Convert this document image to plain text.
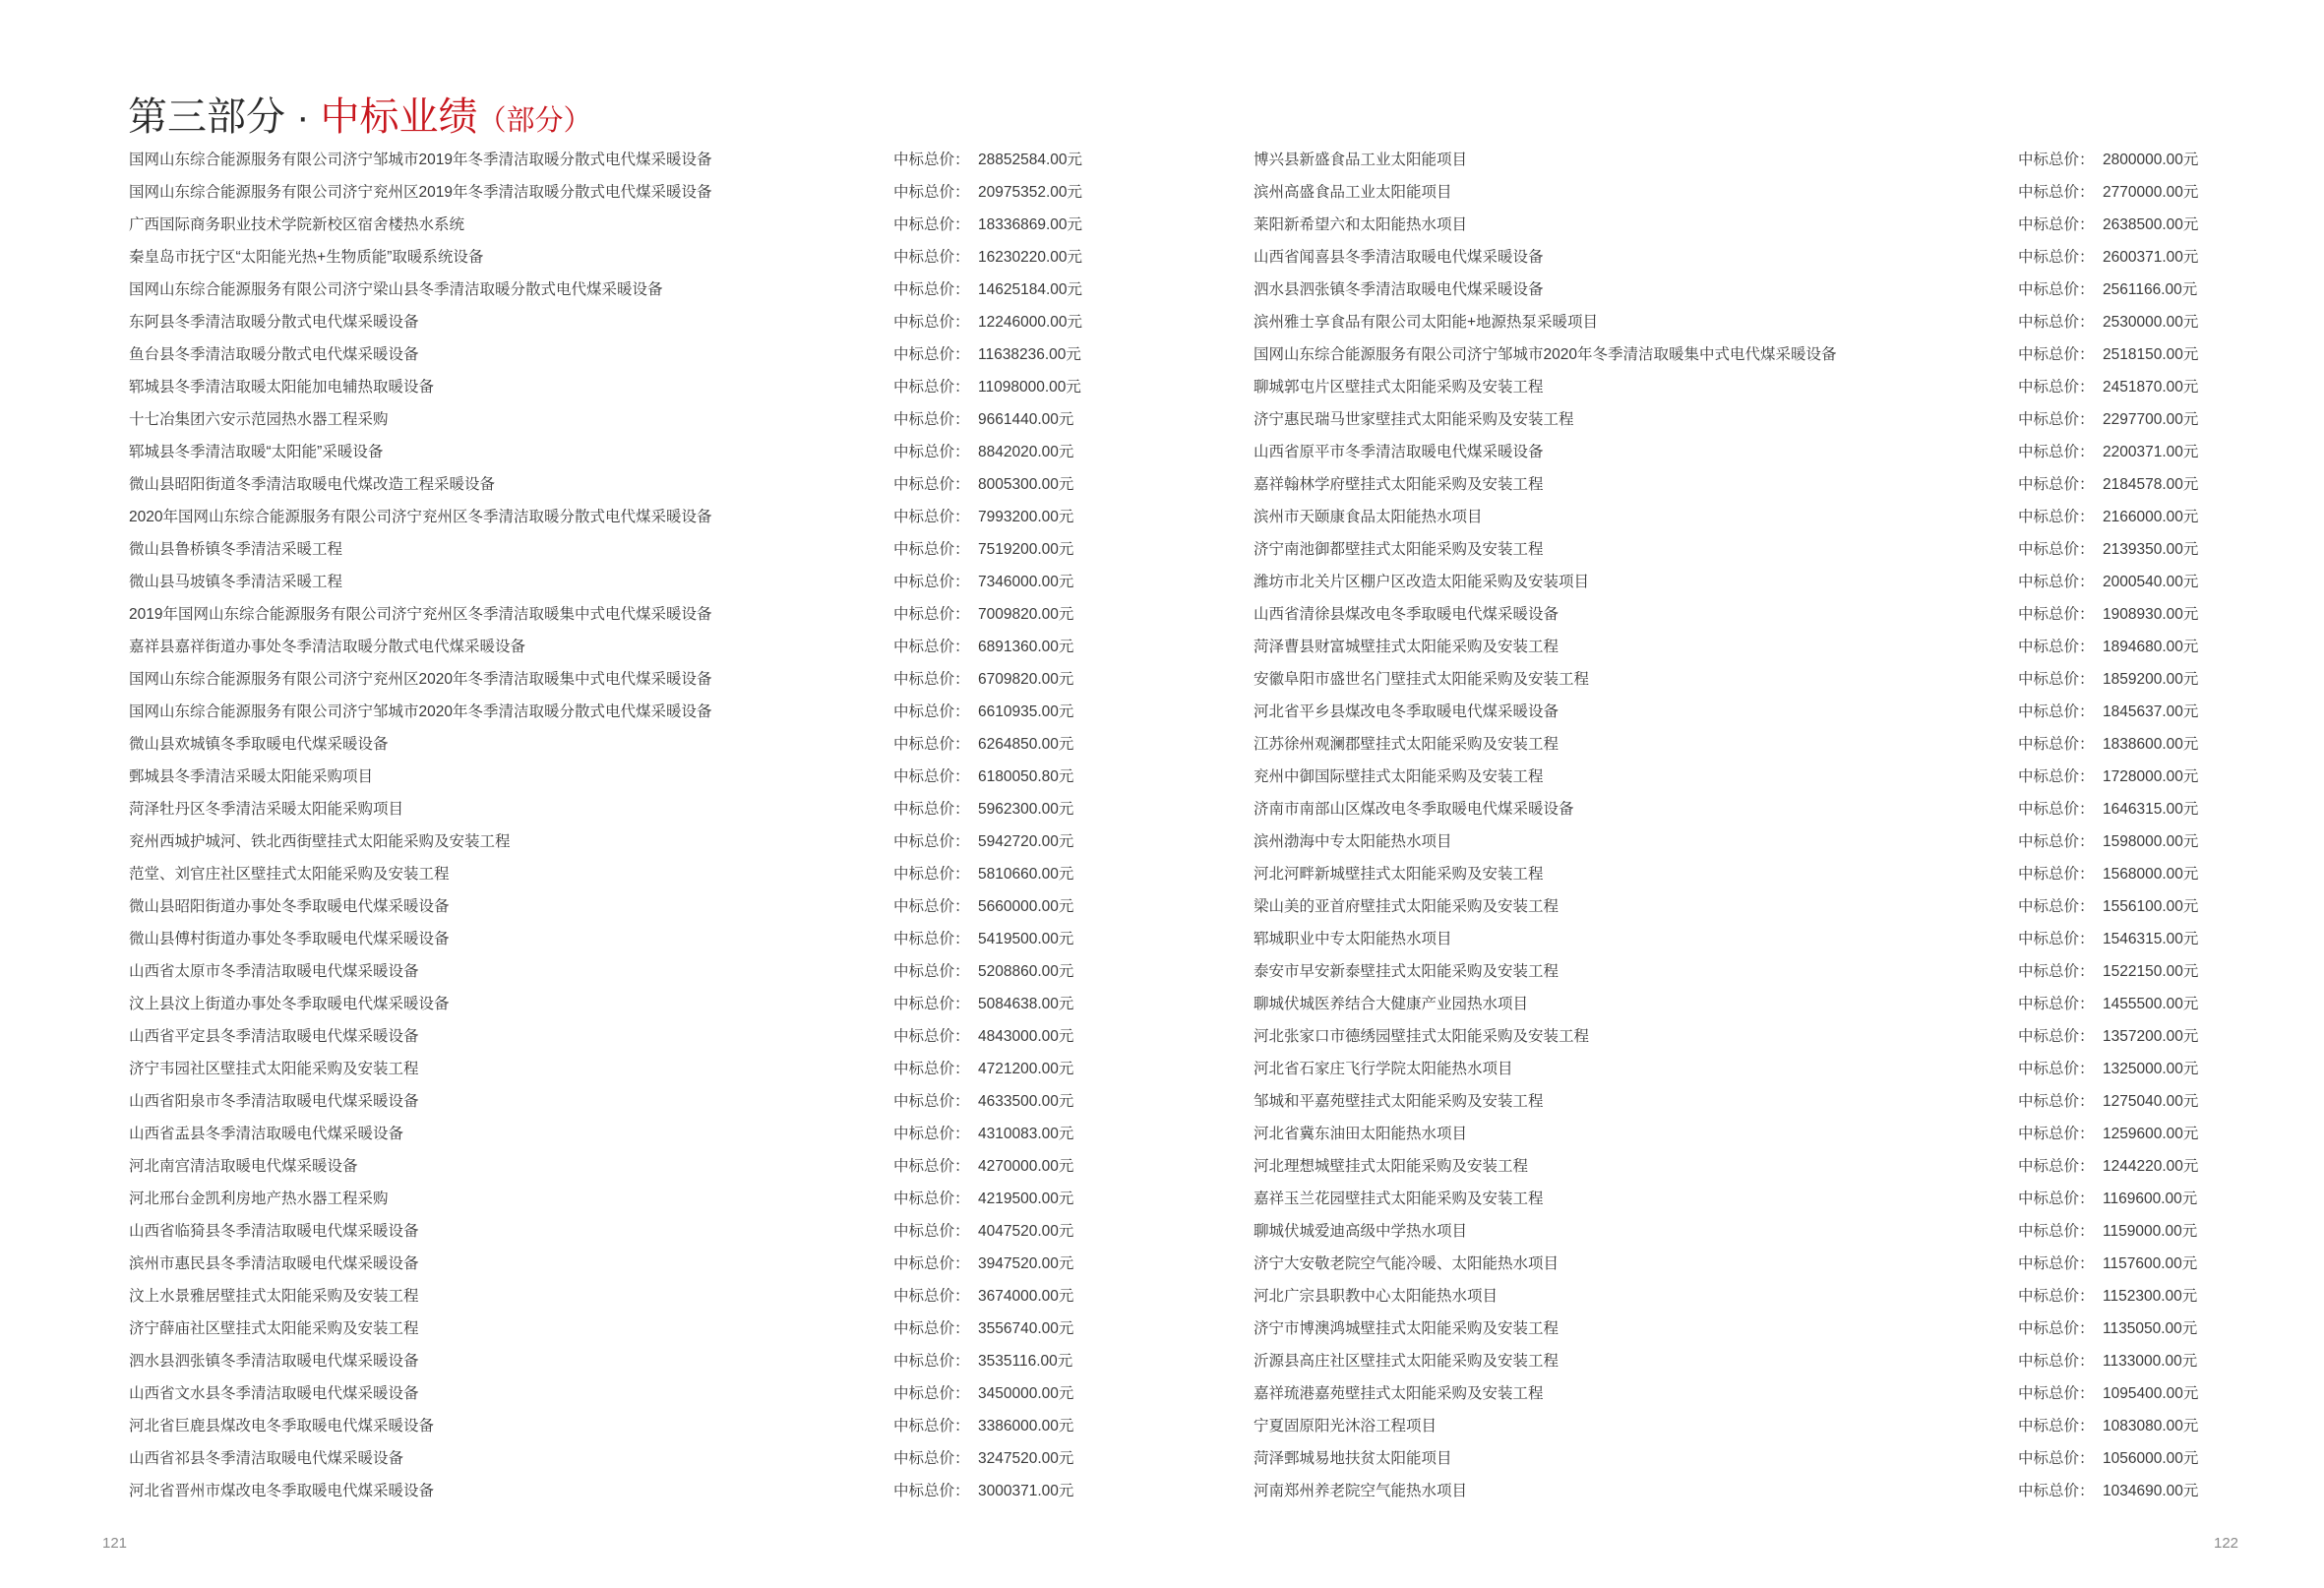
第三部分 · 中标业绩（部分）
国网山东综合能源服务有限公司济宁邹城市2019年冬季清洁取暖分散式电代煤采暖设备	中标总价： 28852584.00元
国网山东综合能源服务有限公司济宁兖州区2019年冬季清洁取暖分散式电代煤采暖设备	中标总价： 20975352.00元
广西国际商务职业技术学院新校区宿舍楼热水系统	中标总价： 18336869.00元
秦皇岛市抚宁区“太阳能光热+生物质能”取暖系统设备	中标总价： 16230220.00元
国网山东综合能源服务有限公司济宁梁山县冬季清洁取暖分散式电代煤采暖设备	中标总价： 14625184.00元
东阿县冬季清洁取暖分散式电代煤采暖设备	中标总价： 12246000.00元
鱼台县冬季清洁取暖分散式电代煤采暖设备	中标总价： 11638236.00元
郓城县冬季清洁取暖太阳能加电辅热取暖设备	中标总价： 11098000.00元
十七冶集团六安示范园热水器工程采购	中标总价： 9661440.00元
郓城县冬季清洁取暖“太阳能”采暖设备	中标总价： 8842020.00元
微山县昭阳街道冬季清洁取暖电代煤改造工程采暖设备	中标总价： 8005300.00元
2020年国网山东综合能源服务有限公司济宁兖州区冬季清洁取暖分散式电代煤采暖设备	中标总价： 7993200.00元
微山县鲁桥镇冬季清洁采暖工程	中标总价： 7519200.00元
微山县马坡镇冬季清洁采暖工程	中标总价： 7346000.00元
2019年国网山东综合能源服务有限公司济宁兖州区冬季清洁取暖集中式电代煤采暖设备	中标总价： 7009820.00元
嘉祥县嘉祥街道办事处冬季清洁取暖分散式电代煤采暖设备	中标总价： 6891360.00元
国网山东综合能源服务有限公司济宁兖州区2020年冬季清洁取暖集中式电代煤采暖设备	中标总价： 6709820.00元
国网山东综合能源服务有限公司济宁邹城市2020年冬季清洁取暖分散式电代煤采暖设备	中标总价： 6610935.00元
微山县欢城镇冬季取暖电代煤采暖设备	中标总价： 6264850.00元
鄄城县冬季清洁采暖太阳能采购项目	中标总价： 6180050.80元
菏泽牡丹区冬季清洁采暖太阳能采购项目	中标总价： 5962300.00元
兖州西城护城河、铁北西街壁挂式太阳能采购及安装工程	中标总价： 5942720.00元
范堂、刘官庄社区壁挂式太阳能采购及安装工程	中标总价： 5810660.00元
微山县昭阳街道办事处冬季取暖电代煤采暖设备	中标总价： 5660000.00元
微山县傅村街道办事处冬季取暖电代煤采暖设备	中标总价： 5419500.00元
山西省太原市冬季清洁取暖电代煤采暖设备	中标总价： 5208860.00元
汶上县汶上街道办事处冬季取暖电代煤采暖设备	中标总价： 5084638.00元
山西省平定县冬季清洁取暖电代煤采暖设备	中标总价： 4843000.00元
济宁韦园社区壁挂式太阳能采购及安装工程	中标总价： 4721200.00元
山西省阳泉市冬季清洁取暖电代煤采暖设备	中标总价： 4633500.00元
山西省盂县冬季清洁取暖电代煤采暖设备	中标总价： 4310083.00元
河北南宫清洁取暖电代煤采暖设备	中标总价： 4270000.00元
河北邢台金凯利房地产热水器工程采购	中标总价： 4219500.00元
山西省临猗县冬季清洁取暖电代煤采暖设备	中标总价： 4047520.00元
滨州市惠民县冬季清洁取暖电代煤采暖设备	中标总价： 3947520.00元
汶上水景雅居壁挂式太阳能采购及安装工程	中标总价： 3674000.00元
济宁薛庙社区壁挂式太阳能采购及安装工程	中标总价： 3556740.00元
泗水县泗张镇冬季清洁取暖电代煤采暖设备	中标总价： 3535116.00元
山西省文水县冬季清洁取暖电代煤采暖设备	中标总价： 3450000.00元
河北省巨鹿县煤改电冬季取暖电代煤采暖设备	中标总价： 3386000.00元
山西省祁县冬季清洁取暖电代煤采暖设备	中标总价： 3247520.00元
河北省晋州市煤改电冬季取暖电代煤采暖设备	中标总价： 3000371.00元
博兴县新盛食品工业太阳能项目	中标总价： 2800000.00元
滨州高盛食品工业太阳能项目	中标总价： 2770000.00元
莱阳新希望六和太阳能热水项目	中标总价： 2638500.00元
山西省闻喜县冬季清洁取暖电代煤采暖设备	中标总价： 2600371.00元
泗水县泗张镇冬季清洁取暖电代煤采暖设备	中标总价： 2561166.00元
滨州雅士享食品有限公司太阳能+地源热泵采暖项目	中标总价： 2530000.00元
国网山东综合能源服务有限公司济宁邹城市2020年冬季清洁取暖集中式电代煤采暖设备	中标总价： 2518150.00元
聊城郭屯片区壁挂式太阳能采购及安装工程	中标总价： 2451870.00元
济宁惠民瑞马世家壁挂式太阳能采购及安装工程	中标总价： 2297700.00元
山西省原平市冬季清洁取暖电代煤采暖设备	中标总价： 2200371.00元
嘉祥翰林学府壁挂式太阳能采购及安装工程	中标总价： 2184578.00元
滨州市天颐康食品太阳能热水项目	中标总价： 2166000.00元
济宁南池御都壁挂式太阳能采购及安装工程	中标总价： 2139350.00元
潍坊市北关片区棚户区改造太阳能采购及安装项目	中标总价： 2000540.00元
山西省清徐县煤改电冬季取暖电代煤采暖设备	中标总价： 1908930.00元
菏泽曹县财富城壁挂式太阳能采购及安装工程	中标总价： 1894680.00元
安徽阜阳市盛世名门壁挂式太阳能采购及安装工程	中标总价： 1859200.00元
河北省平乡县煤改电冬季取暖电代煤采暖设备	中标总价： 1845637.00元
江苏徐州观澜郡壁挂式太阳能采购及安装工程	中标总价： 1838600.00元
兖州中御国际壁挂式太阳能采购及安装工程	中标总价： 1728000.00元
济南市南部山区煤改电冬季取暖电代煤采暖设备	中标总价： 1646315.00元
滨州渤海中专太阳能热水项目	中标总价： 1598000.00元
河北河畔新城壁挂式太阳能采购及安装工程	中标总价： 1568000.00元
梁山美的亚首府壁挂式太阳能采购及安装工程	中标总价： 1556100.00元
郓城职业中专太阳能热水项目	中标总价： 1546315.00元
泰安市早安新泰壁挂式太阳能采购及安装工程	中标总价： 1522150.00元
聊城伏城医养结合大健康产业园热水项目	中标总价： 1455500.00元
河北张家口市德绣园壁挂式太阳能采购及安装工程	中标总价： 1357200.00元
河北省石家庄飞行学院太阳能热水项目	中标总价： 1325000.00元
邹城和平嘉苑壁挂式太阳能采购及安装工程	中标总价： 1275040.00元
河北省冀东油田太阳能热水项目	中标总价： 1259600.00元
河北理想城壁挂式太阳能采购及安装工程	中标总价： 1244220.00元
嘉祥玉兰花园壁挂式太阳能采购及安装工程	中标总价： 1169600.00元
聊城伏城爱迪高级中学热水项目	中标总价： 1159000.00元
济宁大安敬老院空气能冷暖、太阳能热水项目	中标总价： 1157600.00元
河北广宗县职教中心太阳能热水项目	中标总价： 1152300.00元
济宁市博澳鸿城壁挂式太阳能采购及安装工程	中标总价： 1135050.00元
沂源县高庄社区壁挂式太阳能采购及安装工程	中标总价： 1133000.00元
嘉祥琉港嘉苑壁挂式太阳能采购及安装工程	中标总价： 1095400.00元
宁夏固原阳光沐浴工程项目	中标总价： 1083080.00元
菏泽鄄城易地扶贫太阳能项目	中标总价： 1056000.00元
河南郑州养老院空气能热水项目	中标总价： 1034690.00元
121	122
